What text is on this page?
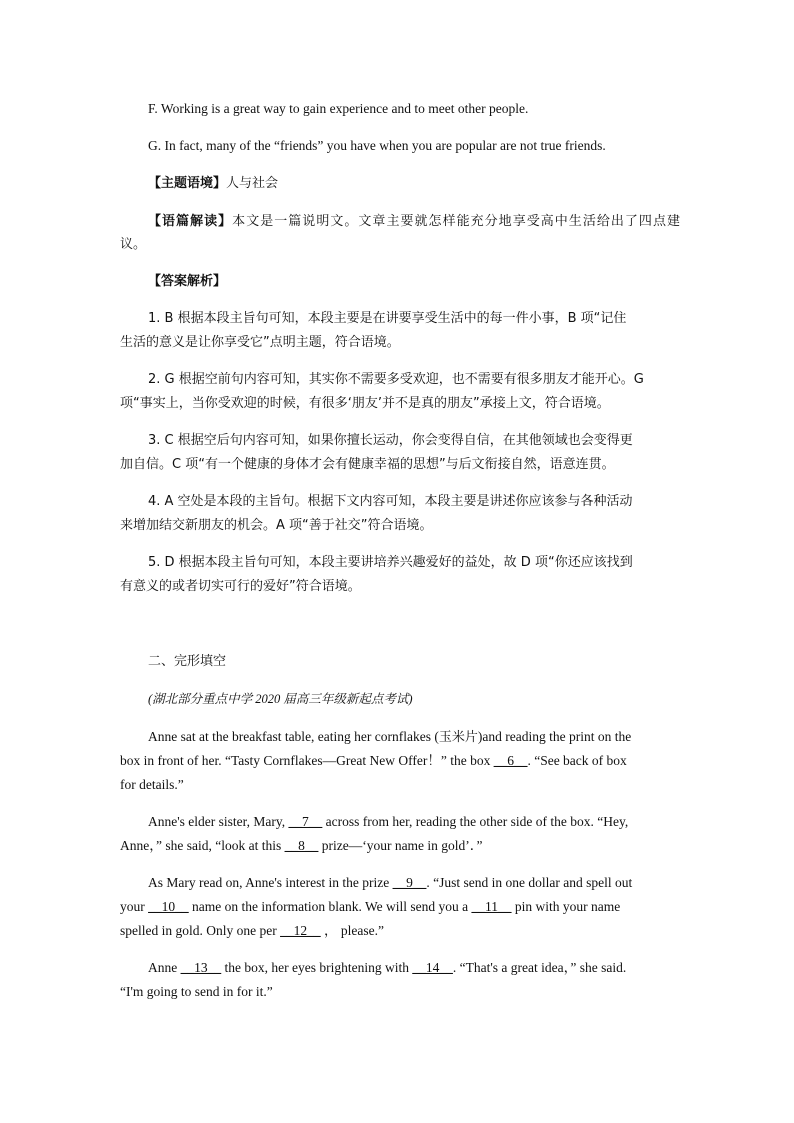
F. Working is a great way to gain experience and to meet other people.
G. In fact, many of the “friends” you have when you are popular are not true friends.
【主题语境】人与社会
【语篇解读】本文是一篇说明文。文章主要就怎样能充分地享受高中生活给出了四点建
议。
【答案解析】
1. B 根据本段主旨句可知，本段主要是在讲要享受生活中的每一件小事，B 项“记住
生活的意义是让你享受它”点明主题，符合语境。
2. G 根据空前句内容可知，其实你不需要多受欢迎，也不需要有很多朋友才能开心。G
项“事实上，当你受欢迎的时候，有很多‘朋友’并不是真的朋友”承接上文，符合语境。
3. C 根据空后句内容可知，如果你擅长运动，你会变得自信，在其他领域也会变得更
加自信。C 项“有一个健康的身体才会有健康幸福的思想”与后文衔接自然，语意连贯。
4. A 空处是本段的主旨句。根据下文内容可知，本段主要是讲述你应该参与各种活动
来增加结交新朋友的机会。A 项“善于社交”符合语境。
5. D 根据本段主旨句可知，本段主要讲培养兴趣爱好的益处，故 D 项“你还应该找到
有意义的或者切实可行的爱好”符合语境。
二、完形填空
(湖北部分重点中学 2020 届高三年级新起点考试)
Anne sat at the breakfast table, eating her cornflakes (玉米片)and reading the print on the
box in front of her. “Tasty Cornflakes—Great New Offer！” the box __6__. “See back of box
for details.”
Anne's elder sister, Mary, __7__ across from her, reading the other side of the box. “Hey,
Anne，” she said, “look at this __8__ prize—‘your name in gold’．”
As Mary read on, Anne's interest in the prize __9__. “Just send in one dollar and spell out
your __10__ name on the information blank. We will send you a __11__ pin with your name
spelled in gold. Only one per __12__ ， please.”
Anne __13__ the box, her eyes brightening with __14__. “That's a great idea，” she said.
“I'm going to send in for it.”
